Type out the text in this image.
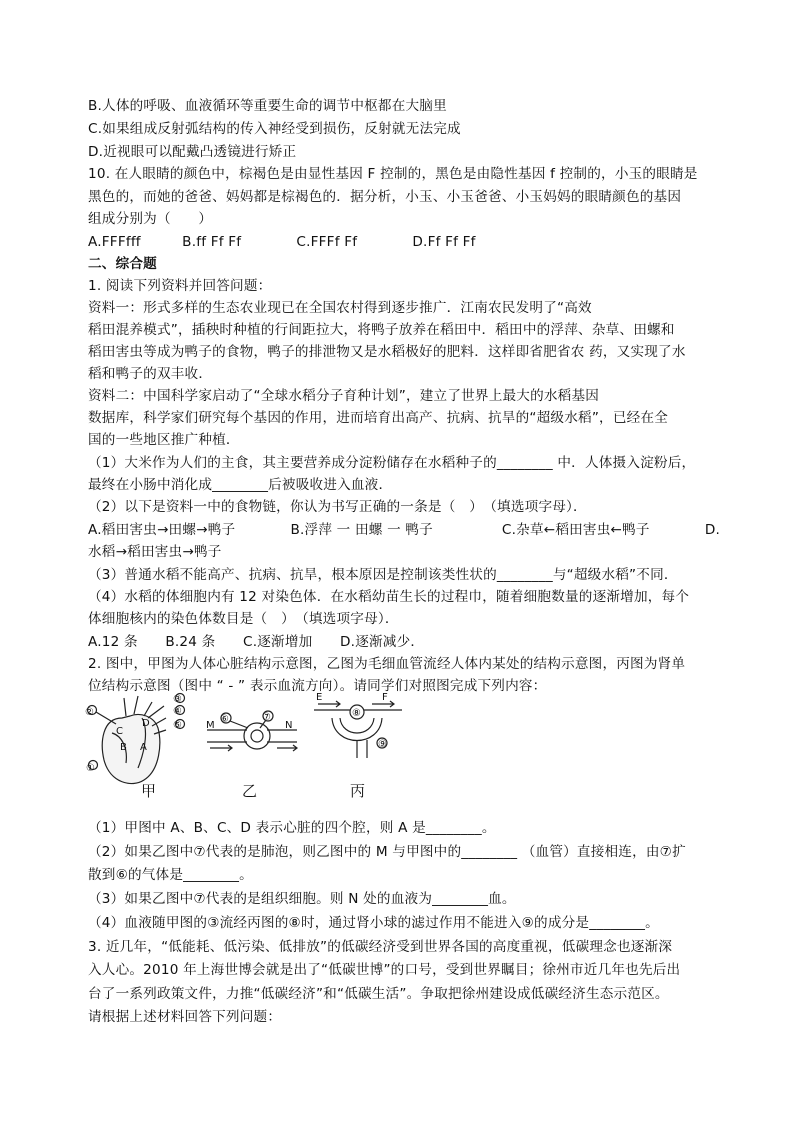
B.人体的呼吸、血液循环等重要生命的调节中枢都在大脑里
C.如果组成反射弧结构的传入神经受到损伤，反射就无法完成
D.近视眼可以配戴凸透镜进行矫正
10. 在人眼睛的颜色中，棕褐色是由显性基因 F 控制的，黑色是由隐性基因 f 控制的，小玉的眼睛是
黑色的，而她的爸爸、妈妈都是棕褐色的．据分析，小玉、小玉爸爸、小玉妈妈的眼睛颜色的基因
组成分别为（　　）
A.FFFfff　　　B.ff Ff Ff　　　　C.FFFf Ff　　　　D.Ff Ff Ff
二、综合题
1. 阅读下列资料并回答问题：
资料一：形式多样的生态农业现已在全国农村得到逐步推广．江南农民发明了“高效
稻田混养模式”，插秧时种植的行间距拉大，将鸭子放养在稻田中．稻田中的浮萍、杂草、田螺和
稻田害虫等成为鸭子的食物，鸭子的排泄物又是水稻极好的肥料．这样即省肥省农 药，又实现了水
稻和鸭子的双丰收．
资料二：中国科学家启动了“全球水稻分子育种计划”，建立了世界上最大的水稻基因
数据库，科学家们研究每个基因的作用，进而培育出高产、抗病、抗旱的“超级水稻”，已经在全
国的一些地区推广种植．
（1）大米作为人们的主食，其主要营养成分淀粉储存在水稻种子的________ 中．人体摄入淀粉后，
最终在小肠中消化成________后被吸收进入血液．
（2）以下是资料一中的食物链，你认为书写正确的一条是（　）　（填选项字母）．
A.稻田害虫→田螺→鸭子　　　　B.浮萍 一 田螺 一 鸭子　　　　　C.杂草←稻田害虫←鸭子　　　　D.
水稻→稻田害虫→鸭子
（3）普通水稻不能高产、抗病、抗旱，根本原因是控制该类性状的________与“超级水稻”不同．
（4）水稻的体细胞内有 12 对染色体．在水稻幼苗生长的过程巾，随着细胞数量的逐渐增加，每个
体细胞核内的染色体数目是（　）　（填选项字母）．
A.12 条　　B.24 条　　C.逐渐增加　　D.逐渐减少．
2. 图中，甲图为人体心脏结构示意图，乙图为毛细血管流经人体内某处的结构示意图，丙图为肾单
位结构示意图（图中 “ - ” 表示血流方向）。请同学们对照图完成下列内容：
①
②
③
④
⑤
A
B
C
D	⑥	⑦
M	N
E	F
⑧
⑨
甲	乙	丙
（1）甲图中 A、B、C、D 表示心脏的四个腔，则 A 是________。
（2）如果乙图中⑦代表的是肺泡，则乙图中的 M 与甲图中的________ （血管）直接相连，由⑦扩
散到⑥的气体是________。
（3）如果乙图中⑦代表的是组织细胞。则 N 处的血液为________血。
（4）血液随甲图的③流经丙图的⑧时，通过肾小球的滤过作用不能进入⑨的成分是________。
3. 近几年，“低能耗、低污染、低排放”的低碳经济受到世界各国的高度重视，低碳理念也逐渐深
入人心。2010 年上海世博会就是出了“低碳世博”的口号，受到世界瞩目；徐州市近几年也先后出
台了一系列政策文件，力推“低碳经济”和“低碳生活”。争取把徐州建设成低碳经济生态示范区。
请根据上述材料回答下列问题：
